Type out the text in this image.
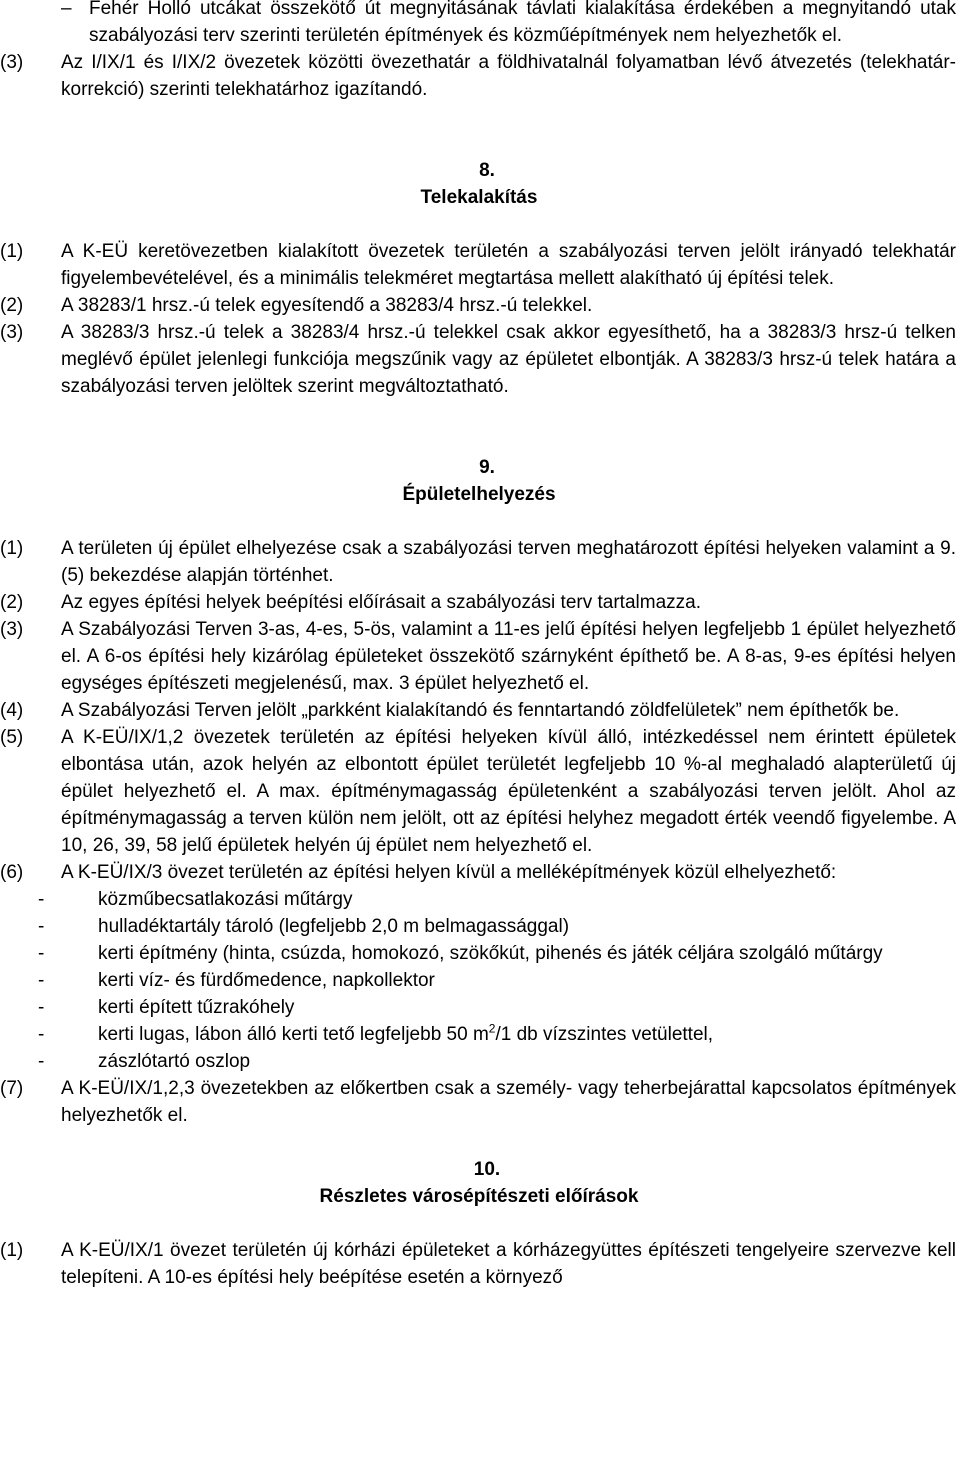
– Fehér Holló utcákat összekötő út megnyitásának távlati kialakítása érdekében a megnyitandó utak szabályozási terv szerinti területén építmények és közműépítmények nem helyezhetők el.
(3) Az I/IX/1 és I/IX/2 övezetek közötti övezethatár a földhivatalnál folyamatban lévő átvezetés (telekhatár-korrekció) szerinti telekhatárhoz igazítandó.
8.
Telekalakítás
(1) A K-EÜ keretövezetben kialakított övezetek területén a szabályozási terven jelölt irányadó telekhatár figyelembevételével, és a minimális telekméret megtartása mellett alakítható új építési telek.
(2) A 38283/1 hrsz.-ú telek egyesítendő a 38283/4 hrsz.-ú telekkel.
(3) A 38283/3 hrsz.-ú telek a 38283/4 hrsz.-ú telekkel csak akkor egyesíthető, ha a 38283/3 hrsz-ú telken meglévő épület jelenlegi funkciója megszűnik vagy az épületet elbontják. A 38283/3 hrsz-ú telek határa a szabályozási terven jelöltek szerint megváltoztatható.
9.
Épületelhelyezés
(1) A területen új épület elhelyezése csak a szabályozási terven meghatározott építési helyeken valamint a 9. (5) bekezdése alapján történhet.
(2) Az egyes építési helyek beépítési előírásait a szabályozási terv tartalmazza.
(3) A Szabályozási Terven 3-as, 4-es, 5-ös, valamint a 11-es jelű építési helyen legfeljebb 1 épület helyezhető el. A 6-os építési hely kizárólag épületeket összekötő szárnyként építhető be. A 8-as, 9-es építési helyen egységes építészeti megjelenésű, max. 3 épület helyezhető el.
(4) A Szabályozási Terven jelölt „parkként kialakítandó és fenntartandó zöldfelületek” nem építhetők be.
(5) A K-EÜ/IX/1,2 övezetek területén az építési helyeken kívül álló, intézkedéssel nem érintett épületek elbontása után, azok helyén az elbontott épület területét legfeljebb 10 %-al meghaladó alapterületű új épület helyezhető el. A max. építménymagasság épületenként a szabályozási terven jelölt. Ahol az építménymagasság a terven külön nem jelölt, ott az építési helyhez megadott érték veendő figyelembe. A 10, 26, 39, 58 jelű épületek helyén új épület nem helyezhető el.
(6) A K-EÜ/IX/3 övezet területén az építési helyen kívül a melléképítmények közül elhelyezhető:
-	közműbecsatlakozási műtárgy
-	hulladéktartály tároló (legfeljebb 2,0 m belmagassággal)
-	kerti építmény (hinta, csúzda, homokozó, szökőkút, pihenés és játék céljára szolgáló műtárgy
-	kerti víz- és fürdőmedence, napkollektor
-	kerti épített tűzrakóhely
-	kerti lugas, lábon álló kerti tető legfeljebb 50 $m^2/1$ db vízszintes vetülettel,
-	zászlótartó oszlop
(7) A K-EÜ/IX/1,2,3 övezetekben az előkertben csak a személy- vagy teherbejárattal kapcsolatos építmények helyezhetők el.
10.
Részletes városépítészeti előírások
(1) A K-EÜ/IX/1 övezet területén új kórházi épületeket a kórházegyüttes építészeti tengelyeire szervezve kell telepíteni. A 10-es építési hely beépítése esetén a környező
